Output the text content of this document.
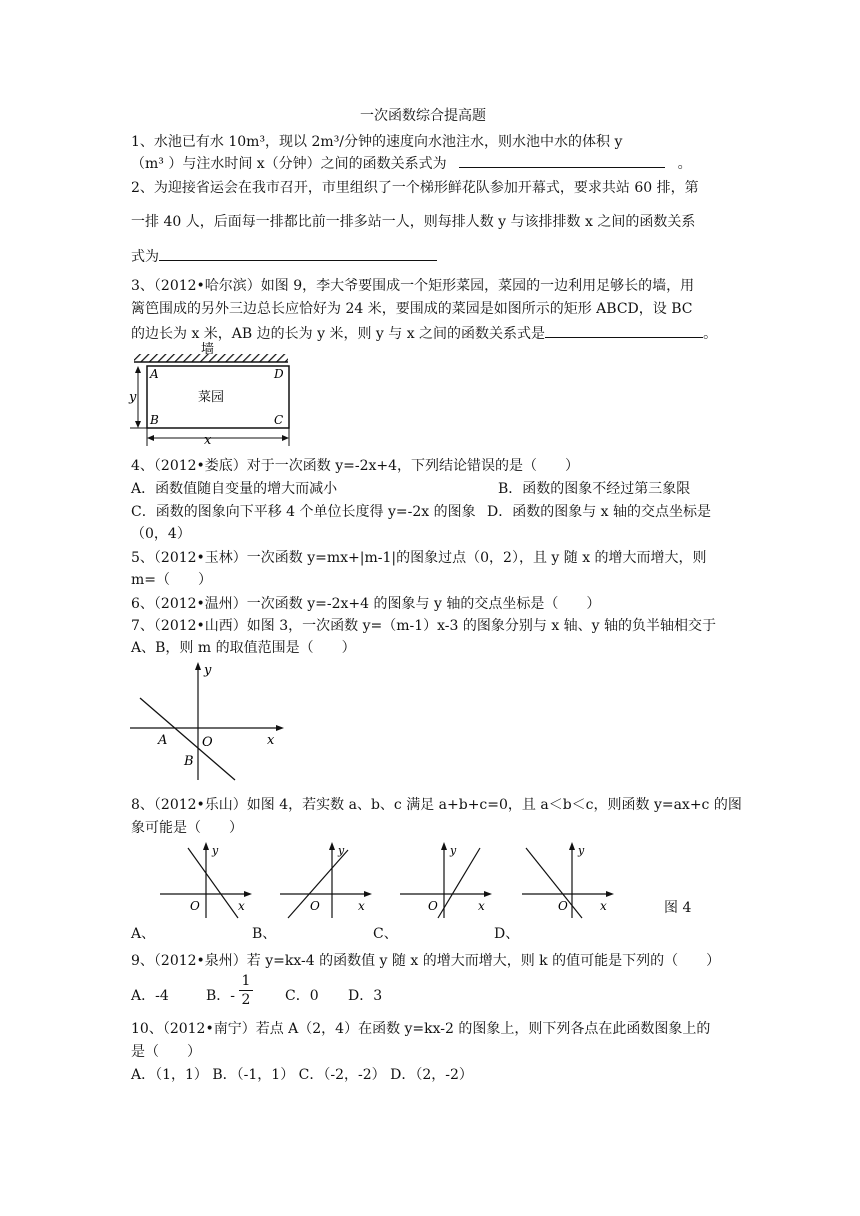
一次函数综合提高题
1、水池已有水 10m³，现以 2m³/分钟的速度向水池注水，则水池中水的体积 y
（m³ ）与注水时间 x（分钟）之间的函数关系式为	。
2、为迎接省运会在我市召开，市里组织了一个梯形鲜花队参加开幕式，要求共站 60 排，第
一排 40 人，后面每一排都比前一排多站一人，则每排人数 y 与该排排数 x 之间的函数关系
式为
3、（2012•哈尔滨）如图 9，李大爷要围成一个矩形菜园，菜园的一边利用足够长的墙，用
篱笆围成的另外三边总长应恰好为 24 米，要围成的菜园是如图所示的矩形 ABCD，设 BC
的边长为 x 米，AB 边的长为 y 米，则 y 与 x 之间的函数关系式是	。
墙
菜园
A	D
B	C
y
x
4、（2012•娄底）对于一次函数 y=-2x+4，下列结论错误的是（　　）
A．函数值随自变量的增大而减小	B．函数的图象不经过第三象限
C．函数的图象向下平移 4 个单位长度得 y=-2x 的图象 D．函数的图象与 x 轴的交点坐标是
（0，4）
5、（2012•玉林）一次函数 y=mx+|m-1|的图象过点（0，2），且 y 随 x 的增大而增大，则
m=（　　）
6、（2012•温州）一次函数 y=-2x+4 的图象与 y 轴的交点坐标是（　　）
7、（2012•山西）如图 3，一次函数 y=（m-1）x-3 的图象分别与 x 轴、y 轴的负半轴相交于
A、B，则 m 的取值范围是（　　）
y
x
O
A
B
8、（2012•乐山）如图 4，若实数 a、b、c 满足 a+b+c=0，且 a＜b＜c，则函数 y=ax+c 的图
象可能是（　　）
y
x
O
y
x
O
y
x
O
y
x
O	图 4
A、	B、	C、	D、
9、（2012•泉州）若 y=kx-4 的函数值 y 随 x 的增大而增大，则 k 的值可能是下列的（　　）
A．-4	B．- $\frac{1}{2}$ C．0 D．3
10、（2012•南宁）若点 A（2，4）在函数 y=kx-2 的图象上，则下列各点在此函数图象上的
是（　　）
A．（1，1） B．（-1，1） C．（-2，-2） D．（2，-2）
